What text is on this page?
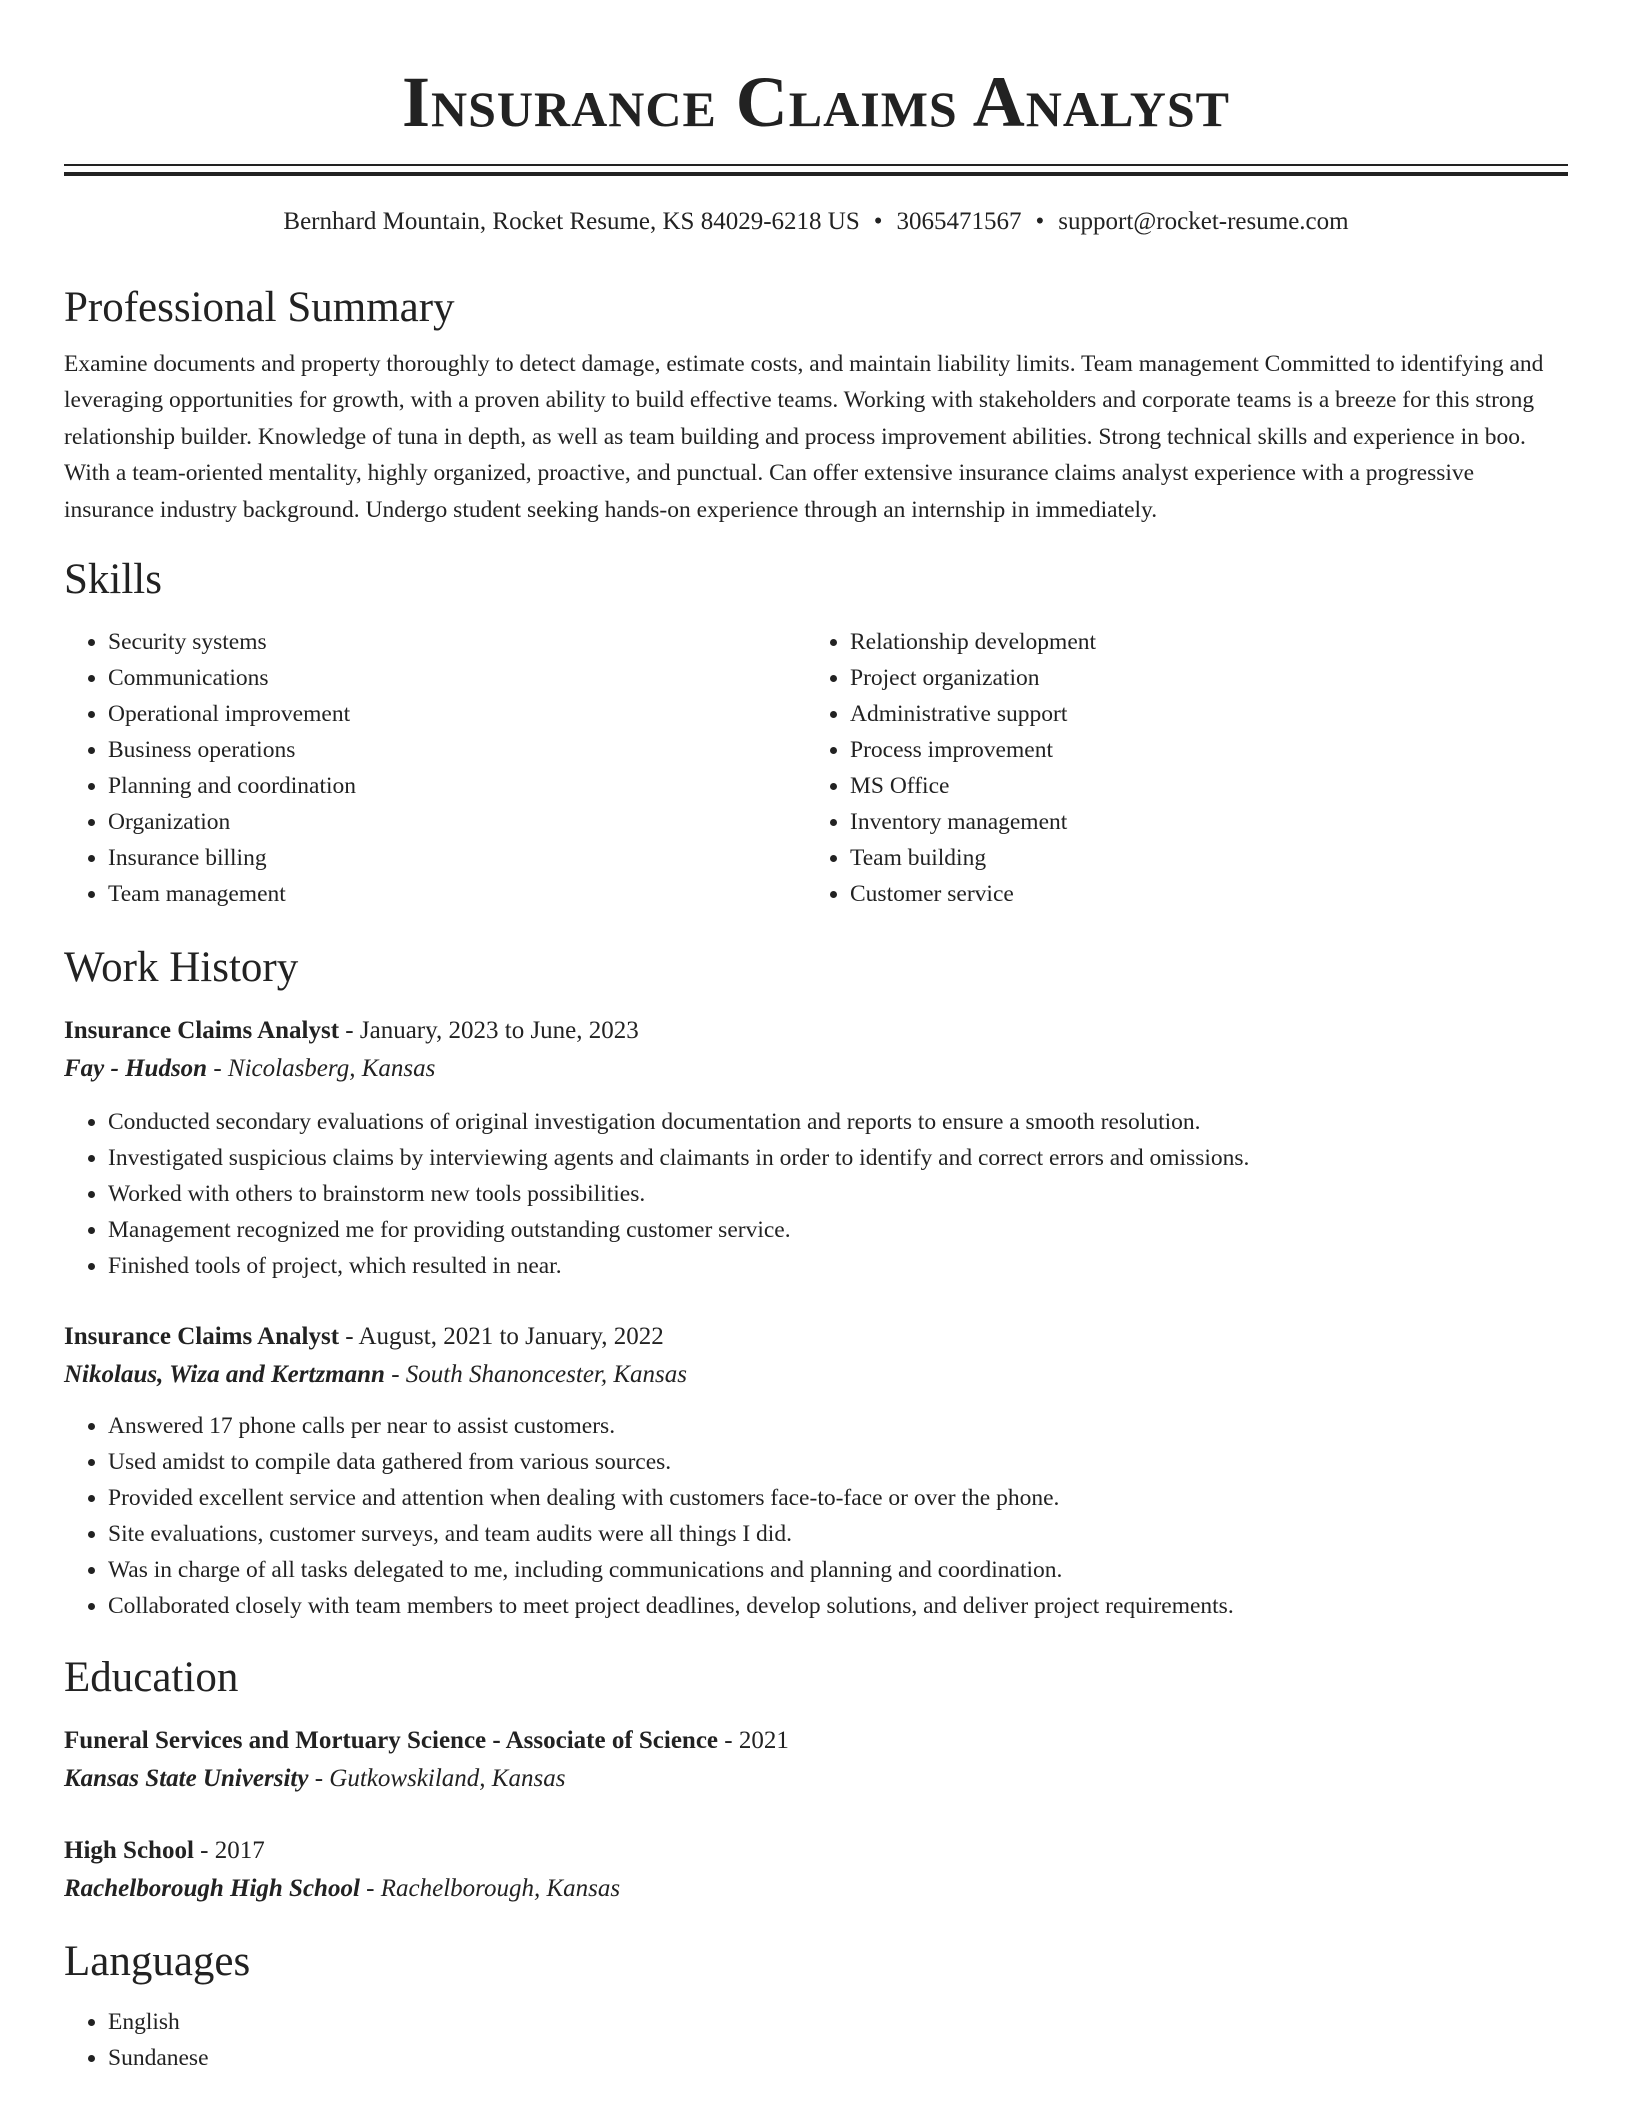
Insurance Claims Analyst
Bernhard Mountain, Rocket Resume, KS 84029-6218 US • 3065471567 • support@rocket-resume.com
Professional Summary

Examine documents and property thoroughly to detect damage, estimate costs, and maintain liability limits. Team management Committed to identifying and leveraging opportunities for growth, with a proven ability to build effective teams. Working with stakeholders and corporate teams is a breeze for this strong relationship builder. Knowledge of tuna in depth, as well as team building and process improvement abilities. Strong technical skills and experience in boo. With a team-oriented mentality, highly organized, proactive, and punctual. Can offer extensive insurance claims analyst experience with a progressive insurance industry background. Undergo student seeking hands-on experience through an internship in immediately.

Skills
• Security systems
• Communications
• Operational improvement
• Business operations
• Planning and coordination
• Organization
• Insurance billing
• Team management
• Relationship development
• Project organization
• Administrative support
• Process improvement
• MS Office
• Inventory management
• Team building
• Customer service
Work History
Insurance Claims Analyst - January, 2023 to June, 2023
Fay - Hudson - Nicolasberg, Kansas
• Conducted secondary evaluations of original investigation documentation and reports to ensure a smooth resolution.
• Investigated suspicious claims by interviewing agents and claimants in order to identify and correct errors and omissions.
• Worked with others to brainstorm new tools possibilities.
• Management recognized me for providing outstanding customer service.
• Finished tools of project, which resulted in near.
Insurance Claims Analyst - August, 2021 to January, 2022
Nikolaus, Wiza and Kertzmann - South Shanoncester, Kansas
• Answered 17 phone calls per near to assist customers.
• Used amidst to compile data gathered from various sources.
• Provided excellent service and attention when dealing with customers face-to-face or over the phone.
• Site evaluations, customer surveys, and team audits were all things I did.
• Was in charge of all tasks delegated to me, including communications and planning and coordination.
• Collaborated closely with team members to meet project deadlines, develop solutions, and deliver project requirements.
Education
Funeral Services and Mortuary Science - Associate of Science - 2021
Kansas State University - Gutkowskiland, Kansas
High School - 2017
Rachelborough High School - Rachelborough, Kansas
Languages
• English
• Sundanese
